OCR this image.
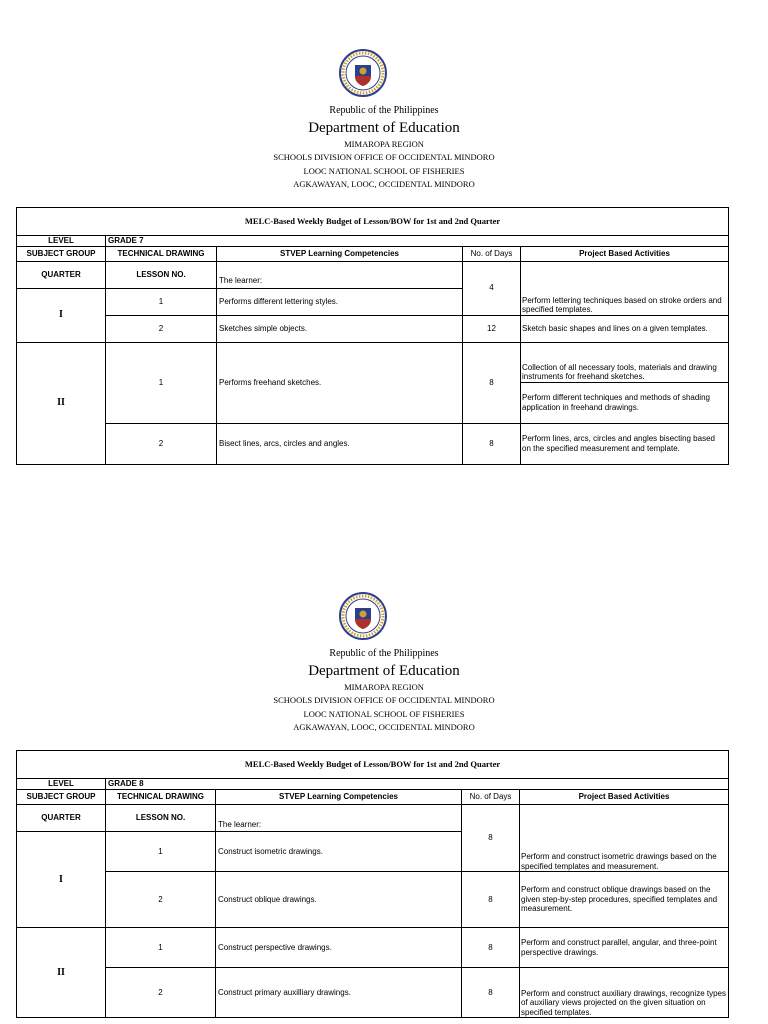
Republic of the Philippines
Department of Education
MIMAROPA REGION
SCHOOLS DIVISION OFFICE OF OCCIDENTAL MINDORO
LOOC NATIONAL SCHOOL OF FISHERIES
AGKAWAYAN, LOOC, OCCIDENTAL MINDORO
MELC-Based Weekly Budget of Lesson/BOW for 1st and 2nd Quarter				
LEVEL	GRADE 7			
SUBJECT GROUP	TECHNICAL DRAWING	STVEP Learning Competencies	No. of Days	Project Based Activities
QUARTER	LESSON NO.	The learner:	4	Perform lettering techniques based on stroke orders and specified templates.
I	1	Performs different lettering styles.		
	2	Sketches simple objects.	12	Sketch basic shapes and lines on a given templates.
II	1	Performs freehand sketches.	8	Collection of all necessary tools, materials and drawing instruments for freehand sketches.
				Perform different techniques and methods of shading application in freehand drawings.
	2	Bisect lines, arcs, circles and angles.	8	Perform lines, arcs, circles and angles bisecting based on the specified measurement and template.
Republic of the Philippines
Department of Education
MIMAROPA REGION
SCHOOLS DIVISION OFFICE OF OCCIDENTAL MINDORO
LOOC NATIONAL SCHOOL OF FISHERIES
AGKAWAYAN, LOOC, OCCIDENTAL MINDORO
MELC-Based Weekly Budget of Lesson/BOW for 1st and 2nd Quarter				
LEVEL	GRADE 8			
SUBJECT GROUP	TECHNICAL DRAWING	STVEP Learning Competencies	No. of Days	Project Based Activities
QUARTER	LESSON NO.	The learner:	8	Perform and construct isometric drawings based on the specified templates and measurement.
I	1	Construct isometric drawings.		
	2	Construct oblique drawings.	8	Perform and construct oblique drawings based on the given step-by-step procedures, specified templates and measurement.
II	1	Construct perspective drawings.	8	Perform and construct parallel, angular, and three-point perspective drawings.
	2	Construct primary auxilliary drawings.	8	Perform and construct auxiliary drawings, recognize types of auxiliary views projected on the given situation on specified templates.
